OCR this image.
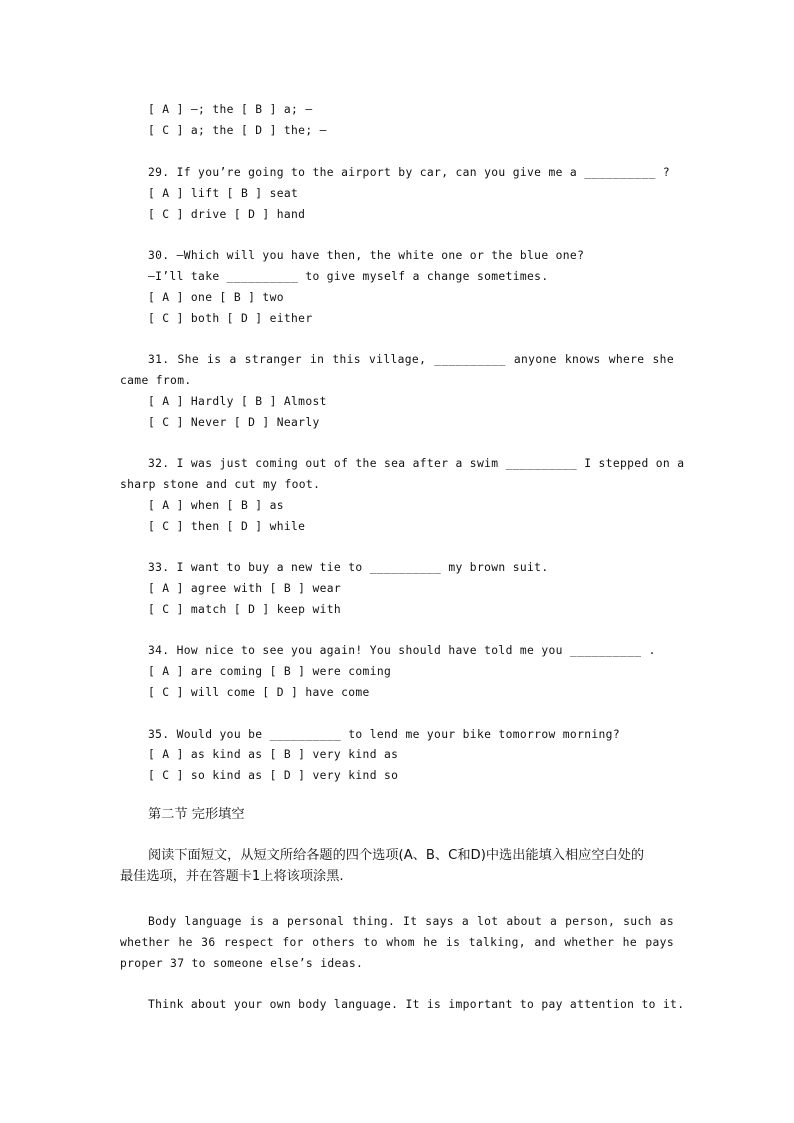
[ A ] –; the [ B ] a; –
[ C ] a; the [ D ] the; –
29. If you’re going to the airport by car, can you give me a __________ ?
[ A ] lift [ B ] seat
[ C ] drive [ D ] hand
30. —Which will you have then, the white one or the blue one?
—I’ll take __________ to give myself a change sometimes.
[ A ] one [ B ] two
[ C ] both [ D ] either
31. She is a stranger in this village, __________ anyone knows where she
came from.
[ A ] Hardly [ B ] Almost
[ C ] Never [ D ] Nearly
32. I was just coming out of the sea after a swim __________ I stepped on a
sharp stone and cut my foot.
[ A ] when [ B ] as
[ C ] then [ D ] while
33. I want to buy a new tie to __________ my brown suit.
[ A ] agree with [ B ] wear
[ C ] match [ D ] keep with
34. How nice to see you again! You should have told me you __________ .
[ A ] are coming [ B ] were coming
[ C ] will come [ D ] have come
35. Would you be __________ to lend me your bike tomorrow morning?
[ A ] as kind as [ B ] very kind as
[ C ] so kind as [ D ] very kind so
第二节 完形填空
阅读下面短文，从短文所给各题的四个选项(A、B、C和D)中选出能填入相应空白处的
最佳选项，并在答题卡1上将该项涂黑.
Body language is a personal thing. It says a lot about a person, such as
whether he 36 respect for others to whom he is talking, and whether he pays
proper 37 to someone else’s ideas.
Think about your own body language. It is important to pay attention to it.
